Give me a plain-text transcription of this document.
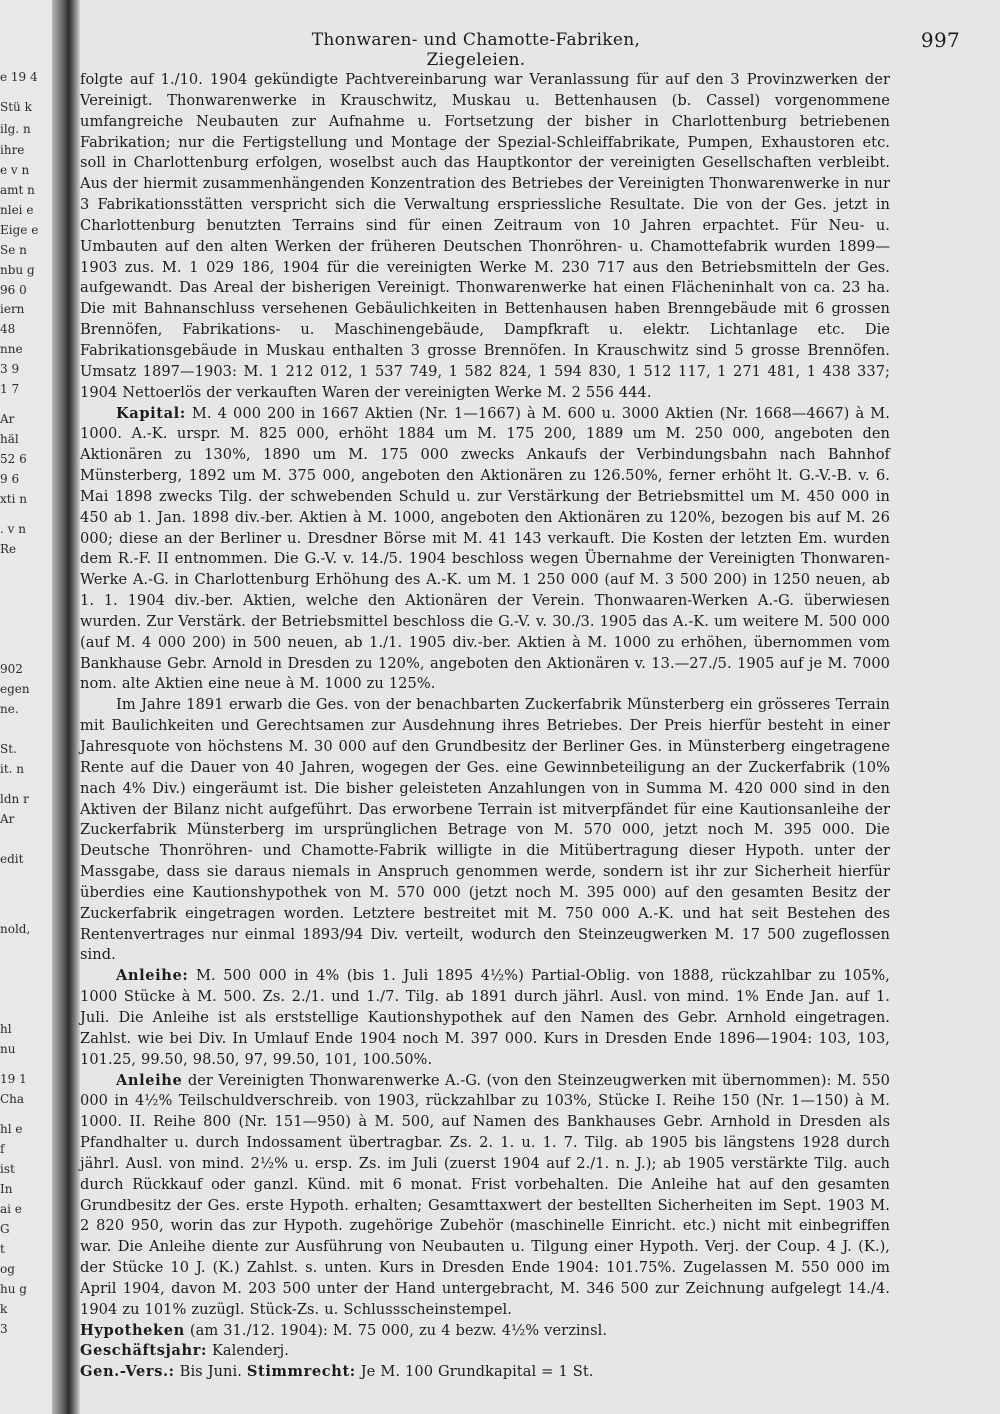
e 19 4
Stü k
ilg. n
ihre
e v n
amt n
nlei e
Eige e
Se n
nbu g
96 0
iern
48
nne
3 9
1 7
Ar
häl
52 6
9 6
xti n
. v n
Re
902
egen
ne.
St.
it. n
ldn r
Ar
edit
nold,
hl
nu
19 1
Cha
hl e
f
ist
In
ai e
G
t
og
hu g
k
3
Thonwaren- und Chamotte-Fabriken, Ziegeleien.
997

folgte auf 1./10. 1904 gekündigte Pachtvereinbarung war Veranlassung für auf den 3 Provinzwerken der Vereinigt. Thonwarenwerke in Krauschwitz, Muskau u. Bettenhausen (b. Cassel) vorgenommene umfangreiche Neubauten zur Aufnahme u. Fortsetzung der bisher in Charlottenburg betriebenen Fabrikation; nur die Fertigstellung und Montage der Spezial-Schleiffabrikate, Pumpen, Exhaustoren etc. soll in Charlottenburg erfolgen, woselbst auch das Hauptkontor der vereinigten Gesellschaften verbleibt. Aus der hiermit zusammenhängenden Konzentration des Betriebes der Vereinigten Thonwarenwerke in nur 3 Fabrikationsstätten verspricht sich die Verwaltung erspriessliche Resultate. Die von der Ges. jetzt in Charlottenburg benutzten Terrains sind für einen Zeitraum von 10 Jahren erpachtet. Für Neu- u. Umbauten auf den alten Werken der früheren Deutschen Thonröhren- u. Chamottefabrik wurden 1899—1903 zus. M. 1 029 186, 1904 für die vereinigten Werke M. 230 717 aus den Betriebsmitteln der Ges. aufgewandt. Das Areal der bisherigen Vereinigt. Thonwarenwerke hat einen Flächeninhalt von ca. 23 ha. Die mit Bahnanschluss versehenen Gebäulichkeiten in Bettenhausen haben Brenngebäude mit 6 grossen Brennöfen, Fabrikations- u. Maschinengebäude, Dampfkraft u. elektr. Lichtanlage etc. Die Fabrikationsgebäude in Muskau enthalten 3 grosse Brennöfen. In Krauschwitz sind 5 grosse Brennöfen. Umsatz 1897—1903: M. 1 212 012, 1 537 749, 1 582 824, 1 594 830, 1 512 117, 1 271 481, 1 438 337; 1904 Nettoerlös der verkauften Waren der vereinigten Werke M. 2 556 444.

Kapital: M. 4 000 200 in 1667 Aktien (Nr. 1—1667) à M. 600 u. 3000 Aktien (Nr. 1668—4667) à M. 1000. A.-K. urspr. M. 825 000, erhöht 1884 um M. 175 200, 1889 um M. 250 000, angeboten den Aktionären zu 130%, 1890 um M. 175 000 zwecks Ankaufs der Verbindungsbahn nach Bahnhof Münsterberg, 1892 um M. 375 000, angeboten den Aktionären zu 126.50%, ferner erhöht lt. G.-V.-B. v. 6. Mai 1898 zwecks Tilg. der schwebenden Schuld u. zur Verstärkung der Betriebsmittel um M. 450 000 in 450 ab 1. Jan. 1898 div.-ber. Aktien à M. 1000, angeboten den Aktionären zu 120%, bezogen bis auf M. 26 000; diese an der Berliner u. Dresdner Börse mit M. 41 143 verkauft. Die Kosten der letzten Em. wurden dem R.-F. II entnommen. Die G.-V. v. 14./5. 1904 beschloss wegen Übernahme der Vereinigten Thonwaren-Werke A.-G. in Charlottenburg Erhöhung des A.-K. um M. 1 250 000 (auf M. 3 500 200) in 1250 neuen, ab 1. 1. 1904 div.-ber. Aktien, welche den Aktionären der Verein. Thonwaaren-Werken A.-G. überwiesen wurden. Zur Verstärk. der Betriebsmittel beschloss die G.-V. v. 30./3. 1905 das A.-K. um weitere M. 500 000 (auf M. 4 000 200) in 500 neuen, ab 1./1. 1905 div.-ber. Aktien à M. 1000 zu erhöhen, übernommen vom Bankhause Gebr. Arnold in Dresden zu 120%, angeboten den Aktionären v. 13.—27./5. 1905 auf je M. 7000 nom. alte Aktien eine neue à M. 1000 zu 125%.

Im Jahre 1891 erwarb die Ges. von der benachbarten Zuckerfabrik Münsterberg ein grösseres Terrain mit Baulichkeiten und Gerechtsamen zur Ausdehnung ihres Betriebes. Der Preis hierfür besteht in einer Jahresquote von höchstens M. 30 000 auf den Grundbesitz der Berliner Ges. in Münsterberg eingetragene Rente auf die Dauer von 40 Jahren, wogegen der Ges. eine Gewinnbeteiligung an der Zuckerfabrik (10% nach 4% Div.) eingeräumt ist. Die bisher geleisteten Anzahlungen von in Summa M. 420 000 sind in den Aktiven der Bilanz nicht aufgeführt. Das erworbene Terrain ist mitverpfändet für eine Kautionsanleihe der Zuckerfabrik Münsterberg im ursprünglichen Betrage von M. 570 000, jetzt noch M. 395 000. Die Deutsche Thonröhren- und Chamotte-Fabrik willigte in die Mitübertragung dieser Hypoth. unter der Massgabe, dass sie daraus niemals in Anspruch genommen werde, sondern ist ihr zur Sicherheit hierfür überdies eine Kautionshypothek von M. 570 000 (jetzt noch M. 395 000) auf den gesamten Besitz der Zuckerfabrik eingetragen worden. Letztere bestreitet mit M. 750 000 A.-K. und hat seit Bestehen des Rentenvertrages nur einmal 1893/94 Div. verteilt, wodurch den Steinzeugwerken M. 17 500 zugeflossen sind.

Anleihe: M. 500 000 in 4% (bis 1. Juli 1895 4½%) Partial-Oblig. von 1888, rückzahlbar zu 105%, 1000 Stücke à M. 500. Zs. 2./1. und 1./7. Tilg. ab 1891 durch jährl. Ausl. von mind. 1% Ende Jan. auf 1. Juli. Die Anleihe ist als erststellige Kautionshypothek auf den Namen des Gebr. Arnhold eingetragen. Zahlst. wie bei Div. In Umlauf Ende 1904 noch M. 397 000. Kurs in Dresden Ende 1896—1904: 103, 103, 101.25, 99.50, 98.50, 97, 99.50, 101, 100.50%.

Anleihe der Vereinigten Thonwarenwerke A.-G. (von den Steinzeugwerken mit übernommen): M. 550 000 in 4½% Teilschuldverschreib. von 1903, rückzahlbar zu 103%, Stücke I. Reihe 150 (Nr. 1—150) à M. 1000. II. Reihe 800 (Nr. 151—950) à M. 500, auf Namen des Bankhauses Gebr. Arnhold in Dresden als Pfandhalter u. durch Indossament übertragbar. Zs. 2. 1. u. 1. 7. Tilg. ab 1905 bis längstens 1928 durch jährl. Ausl. von mind. 2½% u. ersp. Zs. im Juli (zuerst 1904 auf 2./1. n. J.); ab 1905 verstärkte Tilg. auch durch Rückkauf oder ganzl. Künd. mit 6 monat. Frist vorbehalten. Die Anleihe hat auf den gesamten Grundbesitz der Ges. erste Hypoth. erhalten; Gesamttaxwert der bestellten Sicherheiten im Sept. 1903 M. 2 820 950, worin das zur Hypoth. zugehörige Zubehör (maschinelle Einricht. etc.) nicht mit einbegriffen war. Die Anleihe diente zur Ausführung von Neubauten u. Tilgung einer Hypoth. Verj. der Coup. 4 J. (K.), der Stücke 10 J. (K.) Zahlst. s. unten. Kurs in Dresden Ende 1904: 101.75%. Zugelassen M. 550 000 im April 1904, davon M. 203 500 unter der Hand untergebracht, M. 346 500 zur Zeichnung aufgelegt 14./4. 1904 zu 101% zuzügl. Stück-Zs. u. Schlussscheinstempel.

Hypotheken (am 31./12. 1904): M. 75 000, zu 4 bezw. 4½% verzinsl.

Geschäftsjahr: Kalenderj.

Gen.-Vers.: Bis Juni. Stimmrecht: Je M. 100 Grundkapital = 1 St.
